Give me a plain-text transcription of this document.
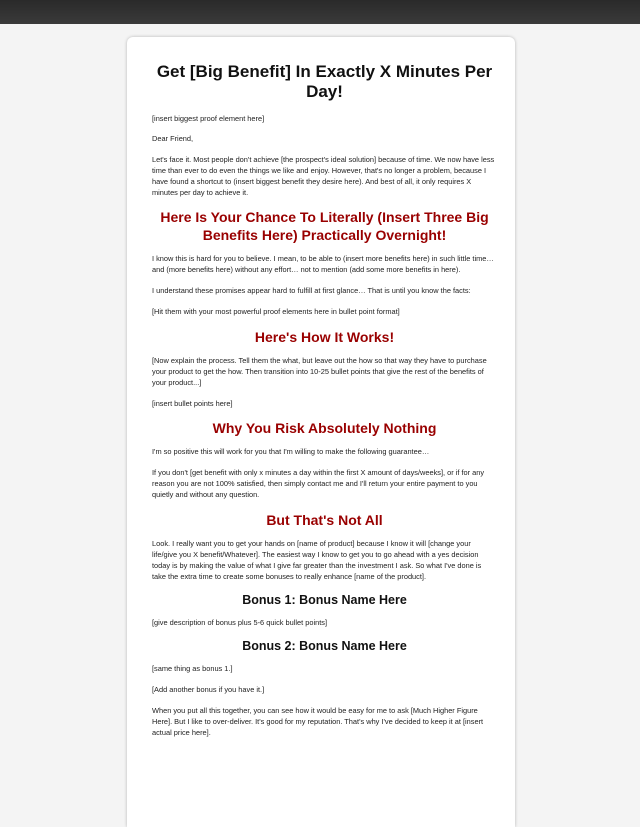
Get [Big Benefit] In Exactly X Minutes Per Day!

[insert biggest proof element here]

Dear Friend,

Let's face it. Most people don't achieve [the prospect's ideal solution] because of time. We now have less time than ever to do even the things we like and enjoy. However, that's no longer a problem, because I have found a shortcut to (insert biggest benefit they desire here). And best of all, it only requires X minutes per day to achieve it.

Here Is Your Chance To Literally (Insert Three Big Benefits Here) Practically Overnight!

I know this is hard for you to believe. I mean, to be able to (insert more benefits here) in such little time… and (more benefits here) without any effort… not to mention (add some more benefits in here).

I understand these promises appear hard to fulfill at first glance… That is until you know the facts:

[Hit them with your most powerful proof elements here in bullet point format]

Here's How It Works!

[Now explain the process. Tell them the what, but leave out the how so that way they have to purchase your product to get the how. Then transition into 10-25 bullet points that give the rest of the benefits of your product...]

[insert bullet points here]

Why You Risk Absolutely Nothing

I'm so positive this will work for you that I'm willing to make the following guarantee…

If you don't [get benefit with only x minutes a day within the first X amount of days/weeks], or if for any reason you are not 100% satisfied, then simply contact me and I'll return your entire payment to you quietly and without any question.

But That's Not All

Look. I really want you to get your hands on [name of product] because I know it will [change your life/give you X benefit/Whatever]. The easiest way I know to get you to go ahead with a yes decision today is by making the value of what I give far greater than the investment I ask. So what I've done is take the extra time to create some bonuses to really enhance [name of the product].

Bonus 1: Bonus Name Here

[give description of bonus plus 5-6 quick bullet points]

Bonus 2: Bonus Name Here

[same thing as bonus 1.]

[Add another bonus if you have it.]

When you put all this together, you can see how it would be easy for me to ask [Much Higher Figure Here]. But I like to over-deliver. It's good for my reputation. That's why I've decided to keep it at [insert actual price here].
